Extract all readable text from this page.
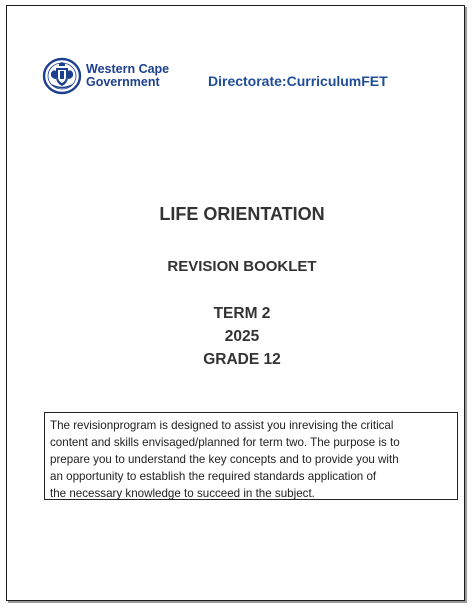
Western Cape
Government	Directorate:CurriculumFET
LIFE ORIENTATION
REVISION BOOKLET
TERM 2
2025
GRADE 12
The revisionprogram is designed to assist you inrevising the critical
content and skills envisaged/planned for term two. The purpose is to
prepare you to understand the key concepts and to provide you with
an opportunity to establish the required standards application of
the necessary knowledge to succeed in the subject.
